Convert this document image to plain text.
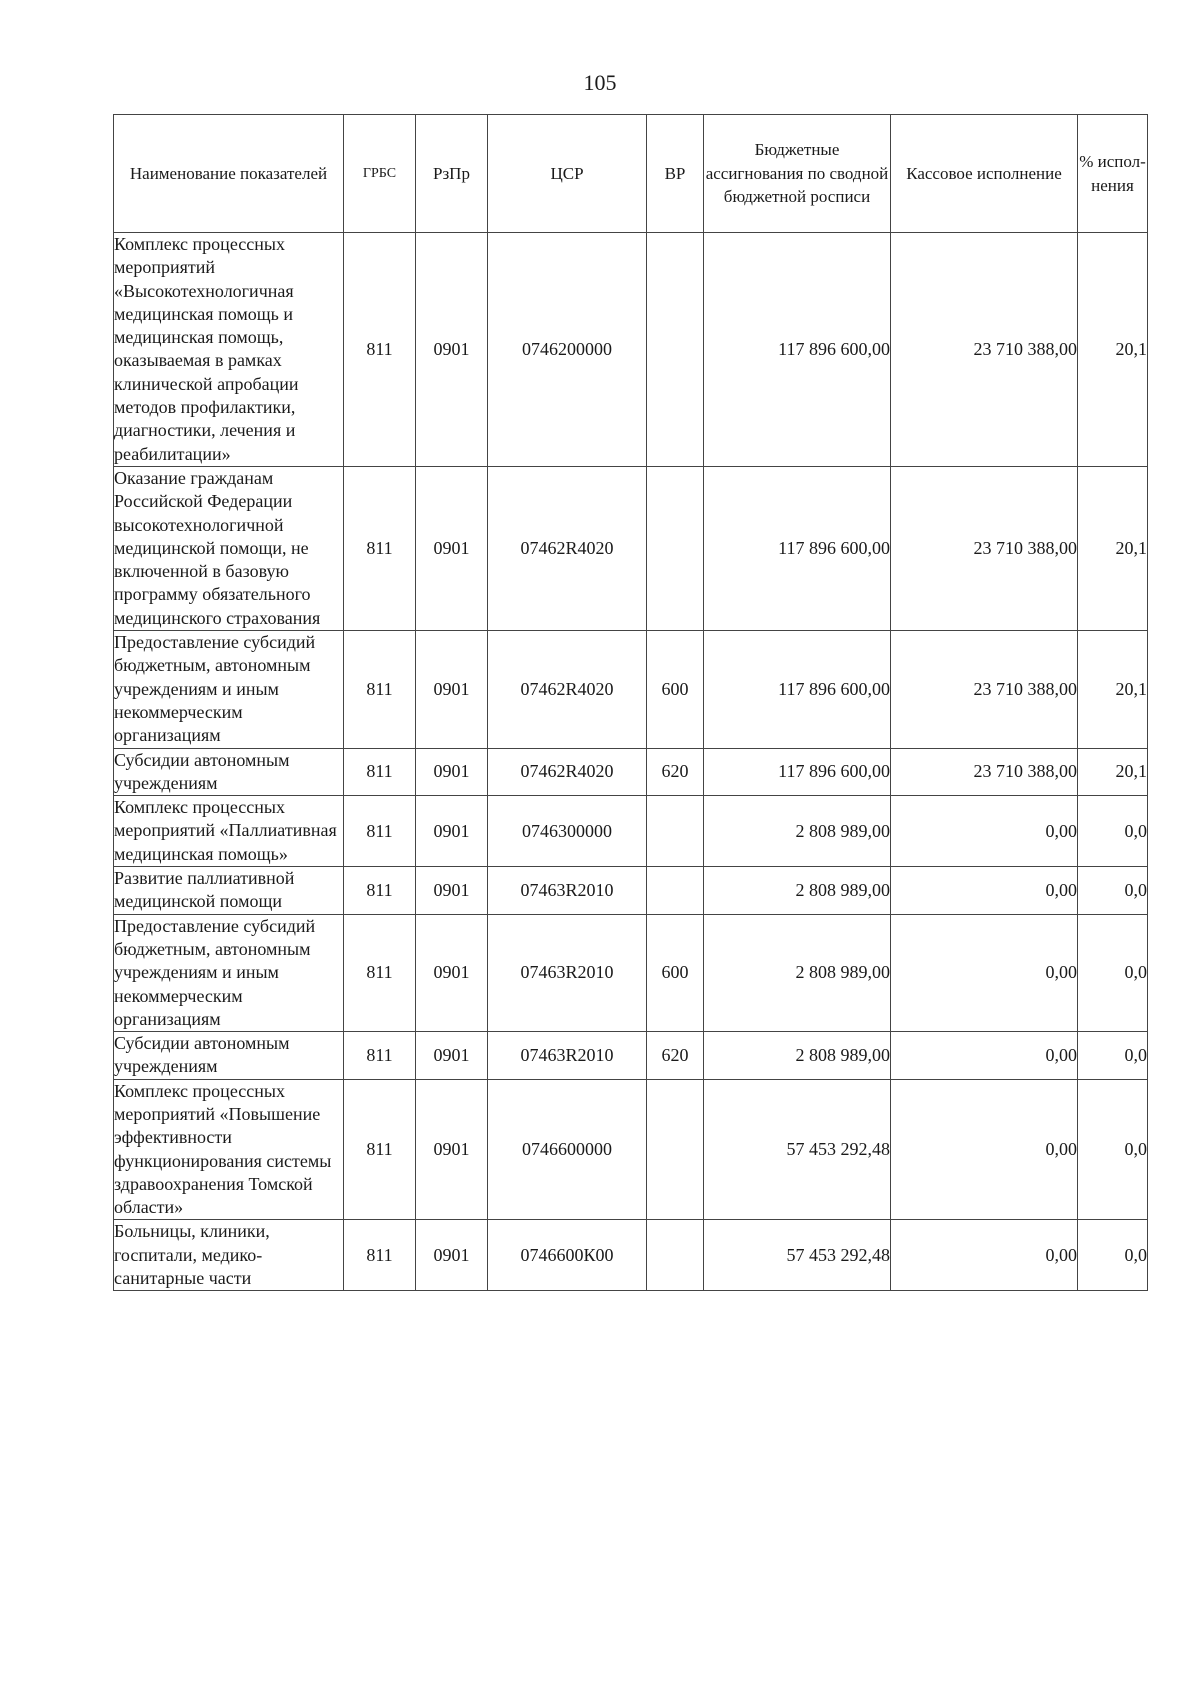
105
Наименование показателей	ГРБС	РзПр	ЦСР	ВР	Бюджетные ассигнования по сводной бюджетной росписи	Кассовое исполнение	% испол-нения
Комплекс процессных мероприятий «Высокотехнологичная медицинская помощь и медицинская помощь, оказываемая в рамках клинической апробации методов профилактики, диагностики, лечения и реабилитации»	811	0901	0746200000		117 896 600,00	23 710 388,00	20,1
Оказание гражданам Российской Федерации высокотехнологичной медицинской помощи, не включенной в базовую программу обязательного медицинского страхования	811	0901	07462R4020		117 896 600,00	23 710 388,00	20,1
Предоставление субсидий бюджетным, автономным учреждениям и иным некоммерческим организациям	811	0901	07462R4020	600	117 896 600,00	23 710 388,00	20,1
Субсидии автономным учреждениям	811	0901	07462R4020	620	117 896 600,00	23 710 388,00	20,1
Комплекс процессных мероприятий «Паллиативная медицинская помощь»	811	0901	0746300000		2 808 989,00	0,00	0,0
Развитие паллиативной медицинской помощи	811	0901	07463R2010		2 808 989,00	0,00	0,0
Предоставление субсидий бюджетным, автономным учреждениям и иным некоммерческим организациям	811	0901	07463R2010	600	2 808 989,00	0,00	0,0
Субсидии автономным учреждениям	811	0901	07463R2010	620	2 808 989,00	0,00	0,0
Комплекс процессных мероприятий «Повышение эффективности функционирования системы здравоохранения Томской области»	811	0901	0746600000		57 453 292,48	0,00	0,0
Больницы, клиники, госпитали, медико-санитарные части	811	0901	0746600К00		57 453 292,48	0,00	0,0
